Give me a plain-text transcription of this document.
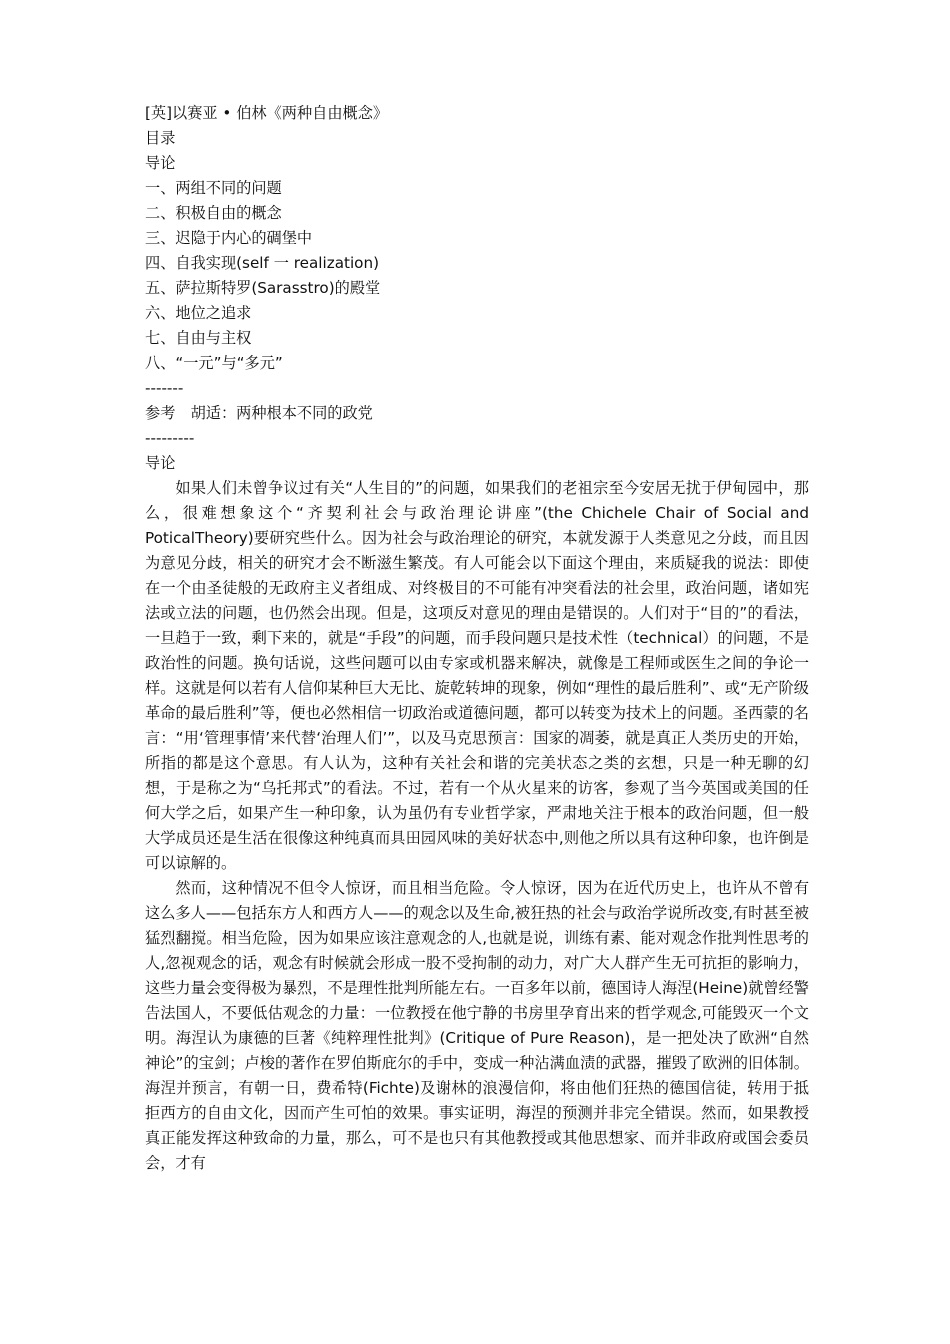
[英]以赛亚 • 伯林《两种自由概念》
目录
导论
一、两组不同的问题
二、积极自由的概念
三、迟隐于内心的碉堡中
四、自我实现(self 一 realization)
五、萨拉斯特罗(Sarasstro)的殿堂
六、地位之追求
七、自由与主权
八、“一元”与“多元”
-------
参考　胡适：两种根本不同的政党
---------
导论

如果人们未曾争议过有关“人生目的”的问题，如果我们的老祖宗至今安居无扰于伊甸园中，那么，很难想象这个“齐契利社会与政治理论讲座”(the Chichele Chair of Social and PoticalTheory)要研究些什么。因为社会与政治理论的研究，本就发源于人类意见之分歧，而且因为意见分歧，相关的研究才会不断滋生繁茂。有人可能会以下面这个理由，来质疑我的说法：即使在一个由圣徒般的无政府主义者组成、对终极目的不可能有冲突看法的社会里，政治问题，诸如宪法或立法的问题，也仍然会出现。但是，这项反对意见的理由是错误的。人们对于“目的”的看法，一旦趋于一致，剩下来的，就是“手段”的问题，而手段问题只是技术性（technical）的问题，不是政治性的问题。换句话说，这些问题可以由专家或机器来解决，就像是工程师或医生之间的争论一样。这就是何以若有人信仰某种巨大无比、旋乾转坤的现象，例如“理性的最后胜利”、或“无产阶级革命的最后胜利”等，便也必然相信一切政治或道德问题，都可以转变为技术上的问题。圣西蒙的名言：“用‘管理事情’来代替‘治理人们’”，以及马克思预言：国家的凋萎，就是真正人类历史的开始，所指的都是这个意思。有人认为，这种有关社会和谐的完美状态之类的玄想，只是一种无聊的幻想，于是称之为“乌托邦式”的看法。不过，若有一个从火星来的访客，参观了当今英国或美国的任何大学之后，如果产生一种印象，认为虽仍有专业哲学家，严肃地关注于根本的政治问题，但一般大学成员还是生活在很像这种纯真而具田园风味的美好状态中,则他之所以具有这种印象，也许倒是可以谅解的。

然而，这种情况不但令人惊讶，而且相当危险。令人惊讶，因为在近代历史上，也许从不曾有这么多人——包括东方人和西方人——的观念以及生命,被狂热的社会与政治学说所改变,有时甚至被猛烈翻搅。相当危险，因为如果应该注意观念的人,也就是说，训练有素、能对观念作批判性思考的人,忽视观念的话，观念有时候就会形成一股不受拘制的动力，对广大人群产生无可抗拒的影响力，这些力量会变得极为暴烈，不是理性批判所能左右。一百多年以前，德国诗人海涅(Heine)就曾经警告法国人，不要低估观念的力量：一位教授在他宁静的书房里孕育出来的哲学观念,可能毁灭一个文明。海涅认为康德的巨著《纯粹理性批判》(Critique of Pure Reason)，是一把处决了欧洲“自然神论”的宝剑；卢梭的著作在罗伯斯庇尔的手中，变成一种沾满血渍的武器，摧毁了欧洲的旧体制。海涅并预言，有朝一日，费希特(Fichte)及谢林的浪漫信仰，将由他们狂热的德国信徒，转用于抵拒西方的自由文化，因而产生可怕的效果。事实证明，海涅的预测并非完全错误。然而，如果教授真正能发挥这种致命的力量，那么，可不是也只有其他教授或其他思想家、而并非政府或国会委员会，才有
